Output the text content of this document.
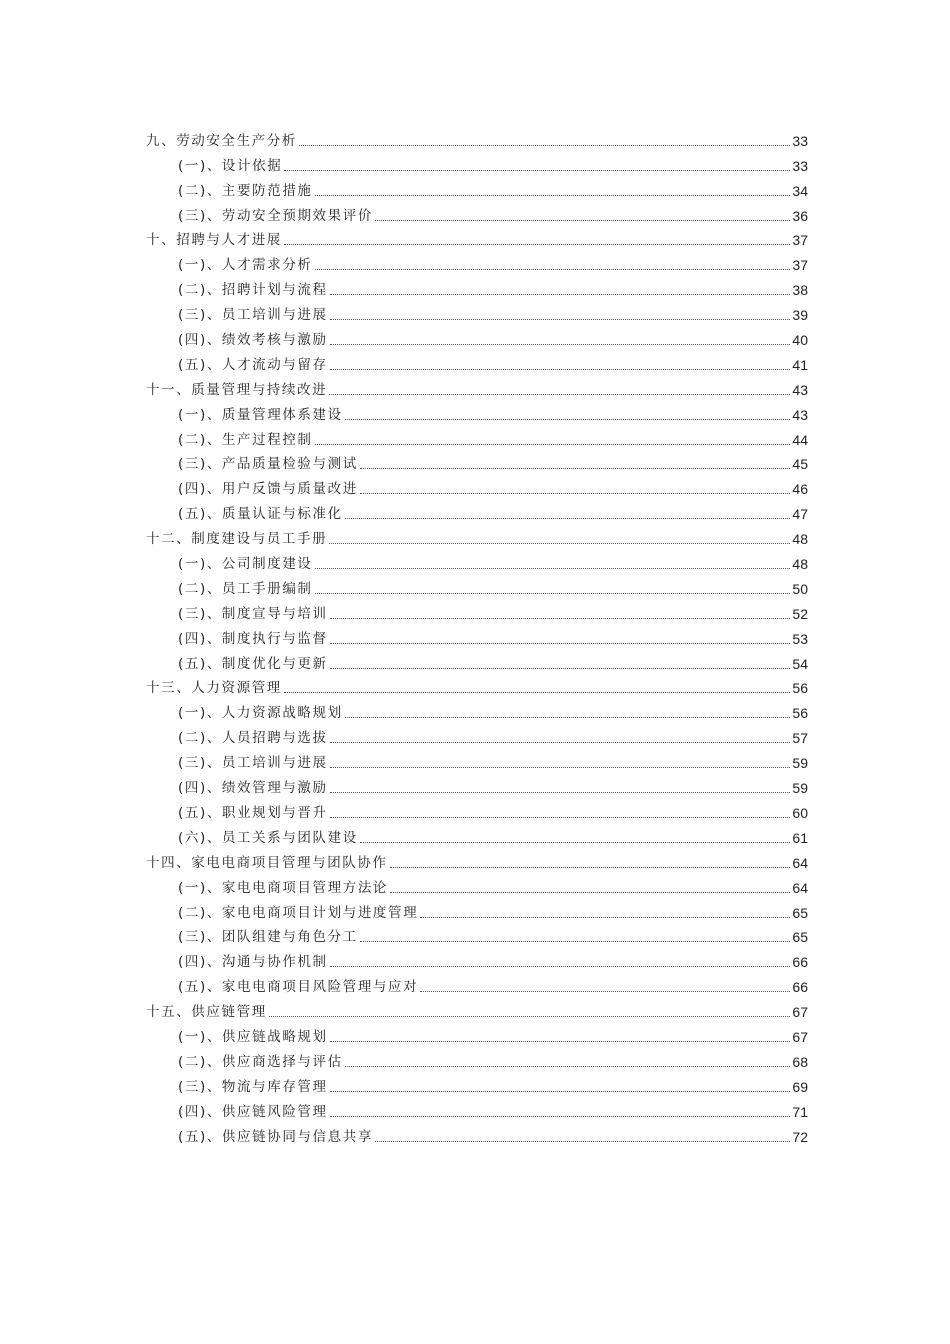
九、劳动安全生产分析	33
(一)、设计依据	33
(二)、主要防范措施	34
(三)、劳动安全预期效果评价	36
十、招聘与人才进展	37
(一)、人才需求分析	37
(二)、招聘计划与流程	38
(三)、员工培训与进展	39
(四)、绩效考核与激励	40
(五)、人才流动与留存	41
十一、质量管理与持续改进	43
(一)、质量管理体系建设	43
(二)、生产过程控制	44
(三)、产品质量检验与测试	45
(四)、用户反馈与质量改进	46
(五)、质量认证与标准化	47
十二、制度建设与员工手册	48
(一)、公司制度建设	48
(二)、员工手册编制	50
(三)、制度宣导与培训	52
(四)、制度执行与监督	53
(五)、制度优化与更新	54
十三、人力资源管理	56
(一)、人力资源战略规划	56
(二)、人员招聘与选拔	57
(三)、员工培训与进展	59
(四)、绩效管理与激励	59
(五)、职业规划与晋升	60
(六)、员工关系与团队建设	61
十四、家电电商项目管理与团队协作	64
(一)、家电电商项目管理方法论	64
(二)、家电电商项目计划与进度管理	65
(三)、团队组建与角色分工	65
(四)、沟通与协作机制	66
(五)、家电电商项目风险管理与应对	66
十五、供应链管理	67
(一)、供应链战略规划	67
(二)、供应商选择与评估	68
(三)、物流与库存管理	69
(四)、供应链风险管理	71
(五)、供应链协同与信息共享	72
